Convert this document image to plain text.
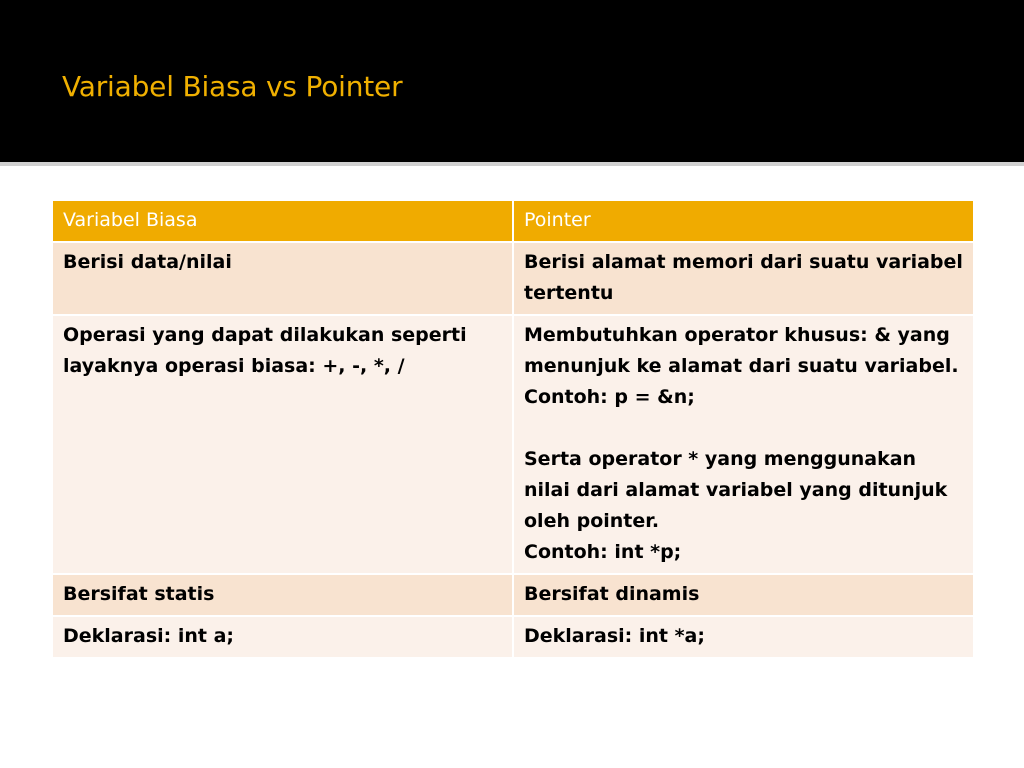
Variabel Biasa vs Pointer
Variabel Biasa	Pointer
Berisi data/nilai	Berisi alamat memori dari suatu variabel tertentu
Operasi yang dapat dilakukan seperti layaknya operasi biasa: +, -, *, /	Membutuhkan operator khusus: & yang menunjuk ke alamat dari suatu variabel.
Contoh: p = &n;

Serta operator * yang menggunakan nilai dari alamat variabel yang ditunjuk oleh pointer.
Contoh: int *p;
Bersifat statis	Bersifat dinamis
Deklarasi: int a;	Deklarasi: int *a;
